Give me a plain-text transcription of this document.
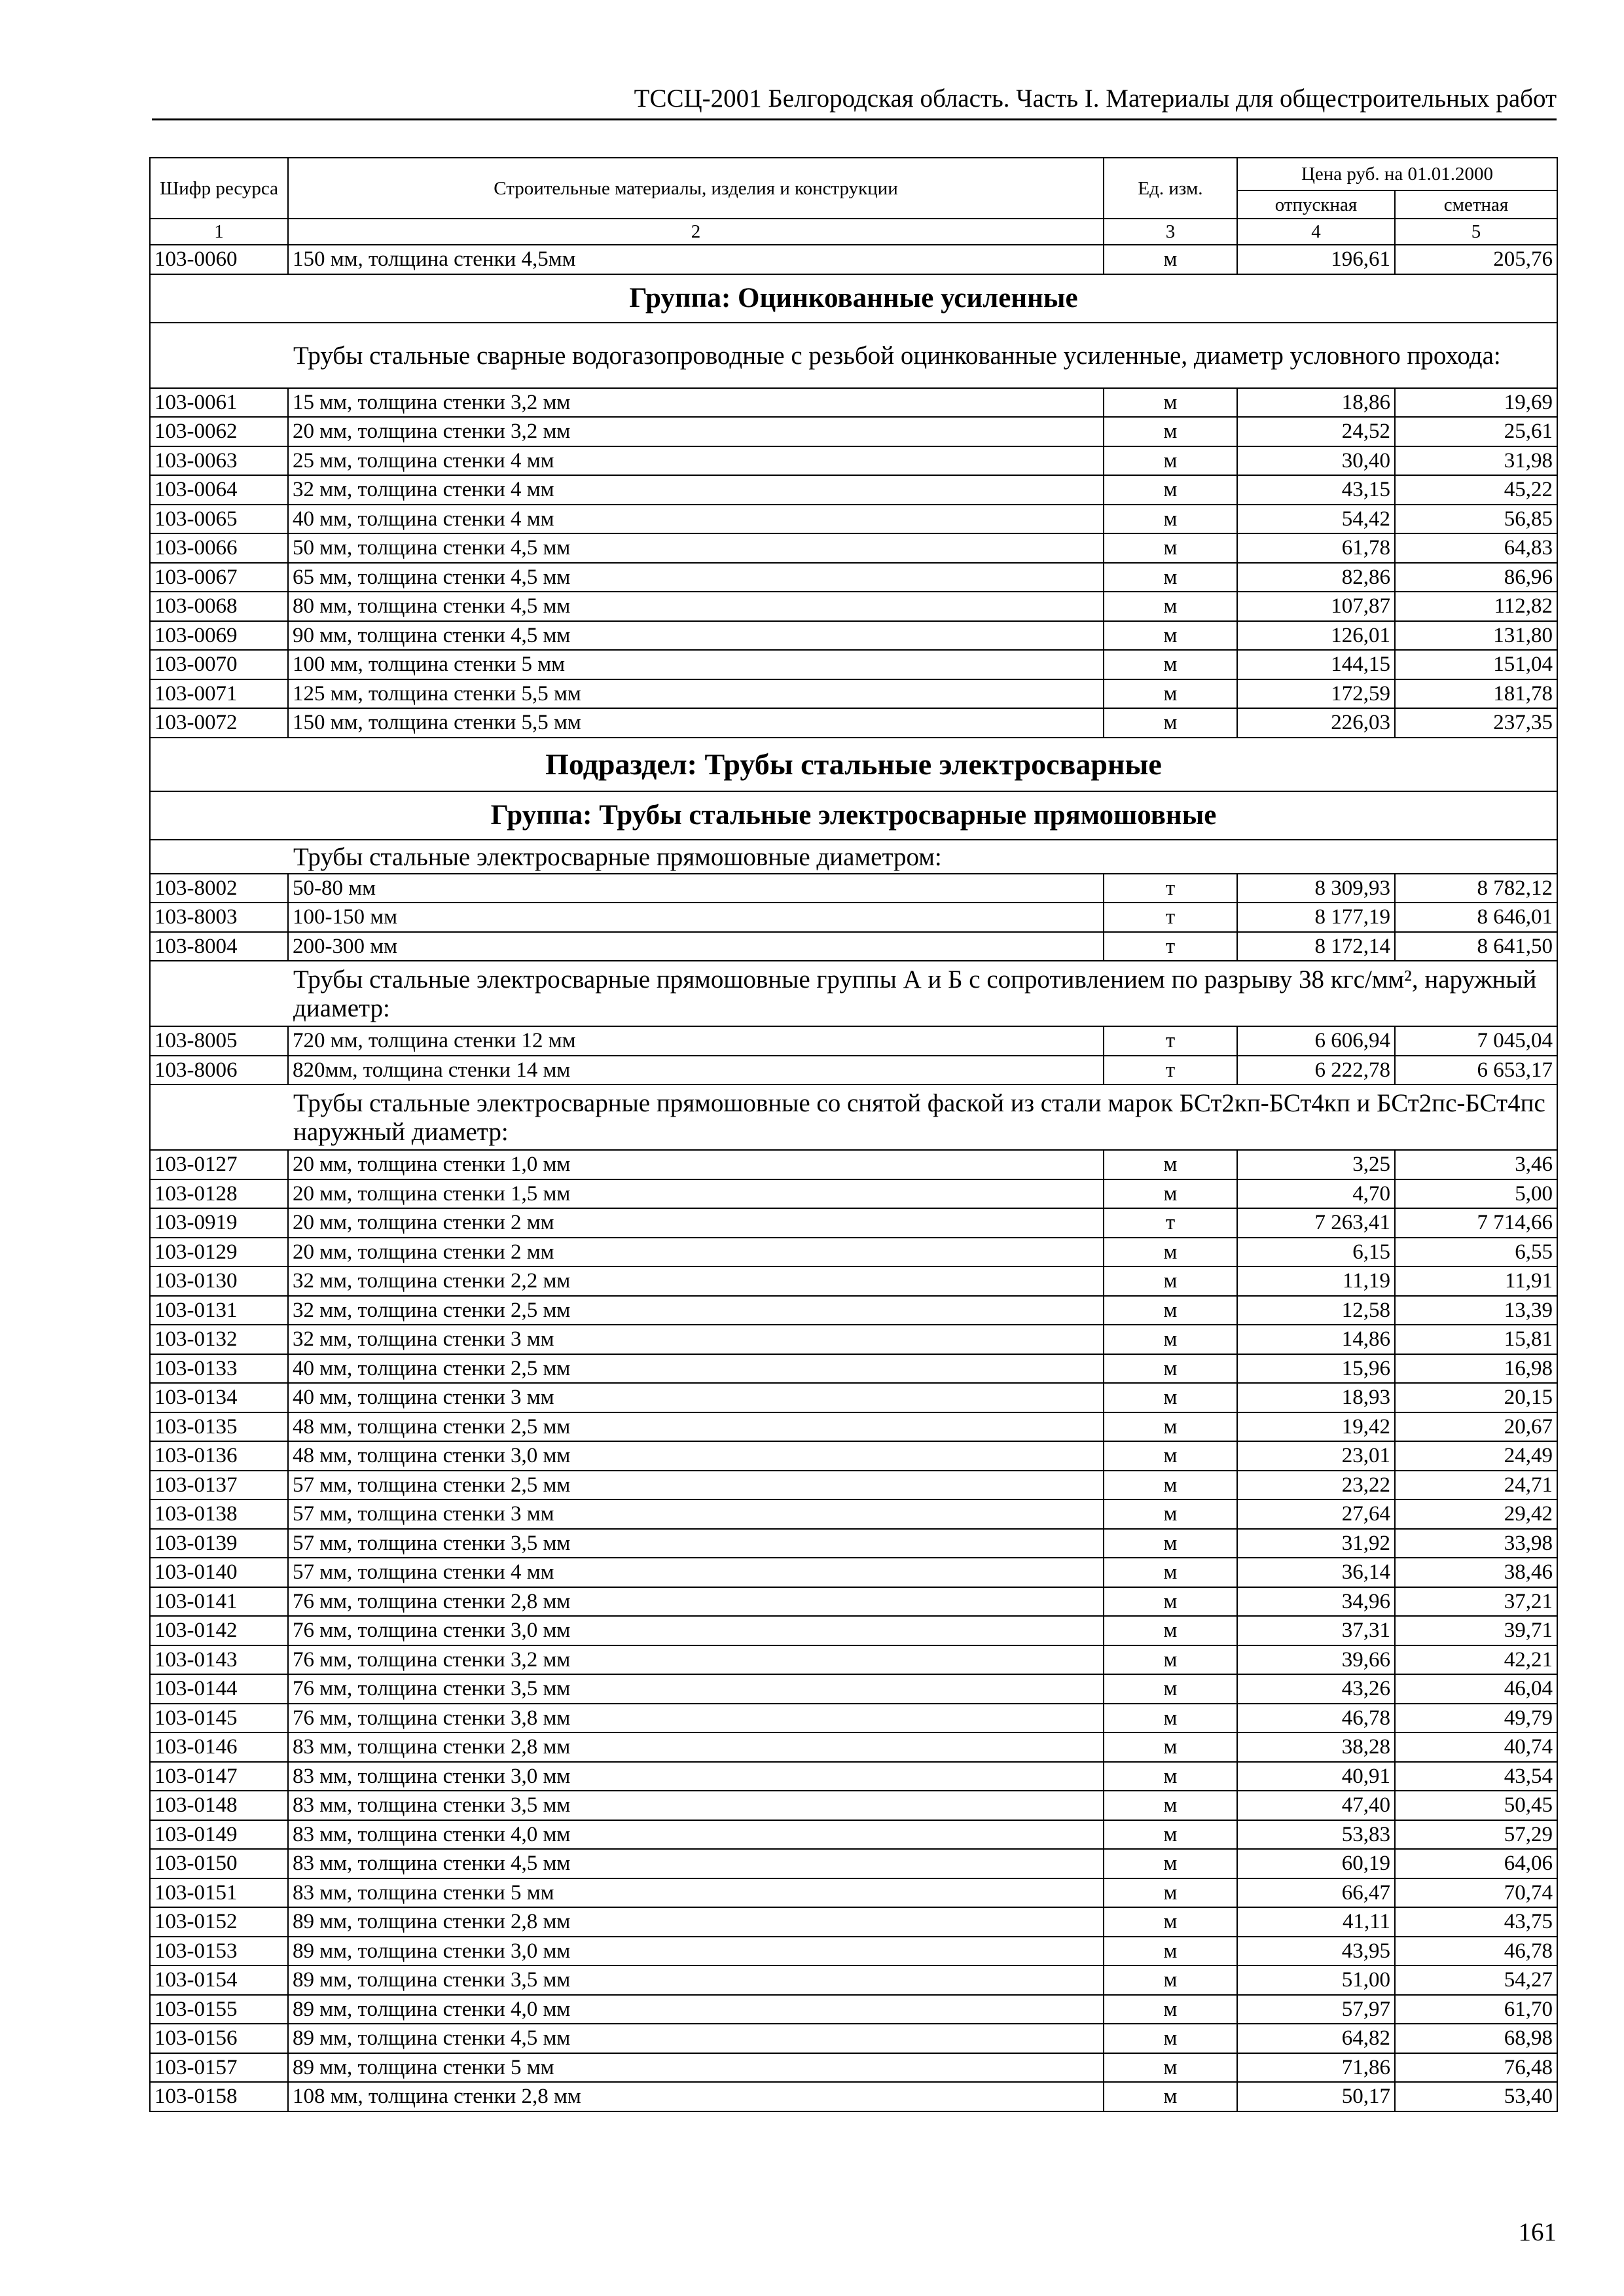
ТССЦ-2001 Белгородская область. Часть I. Материалы для общестроительных работ
Шифр ресурса	Строительные материалы, изделия и конструкции	Ед. изм.	Цена руб. на 01.01.2000	
			отпускная	сметная
1	2	3	4	5
103-0060	150 мм, толщина стенки 4,5мм	м	196,61	205,76
Группа: Оцинкованные усиленные				
	Трубы стальные сварные водогазопроводные с резьбой оцинкованные усиленные, диаметр условного прохода:			
103-0061	15 мм, толщина стенки 3,2 мм	м	18,86	19,69
103-0062	20 мм, толщина стенки 3,2 мм	м	24,52	25,61
103-0063	25 мм, толщина стенки 4 мм	м	30,40	31,98
103-0064	32 мм, толщина стенки 4 мм	м	43,15	45,22
103-0065	40 мм, толщина стенки 4 мм	м	54,42	56,85
103-0066	50 мм, толщина стенки 4,5 мм	м	61,78	64,83
103-0067	65 мм, толщина стенки 4,5 мм	м	82,86	86,96
103-0068	80 мм, толщина стенки 4,5 мм	м	107,87	112,82
103-0069	90 мм, толщина стенки 4,5 мм	м	126,01	131,80
103-0070	100 мм, толщина стенки 5 мм	м	144,15	151,04
103-0071	125 мм, толщина стенки 5,5 мм	м	172,59	181,78
103-0072	150 мм, толщина стенки 5,5 мм	м	226,03	237,35
Подраздел: Трубы стальные электросварные				
Группа: Трубы стальные электросварные прямошовные				
	Трубы стальные электросварные прямошовные диаметром:			
103-8002	50-80 мм	т	8 309,93	8 782,12
103-8003	100-150 мм	т	8 177,19	8 646,01
103-8004	200-300 мм	т	8 172,14	8 641,50
	Трубы стальные электросварные прямошовные группы А и Б с сопротивлением по разрыву 38 кгс/мм², наружный диаметр:			
103-8005	720 мм, толщина стенки 12 мм	т	6 606,94	7 045,04
103-8006	820мм, толщина стенки 14 мм	т	6 222,78	6 653,17
	Трубы стальные электросварные прямошовные со снятой фаской из стали марок БСт2кп-БСт4кп и БСт2пс-БСт4пс наружный диаметр:			
103-0127	20 мм, толщина стенки 1,0 мм	м	3,25	3,46
103-0128	20 мм, толщина стенки 1,5 мм	м	4,70	5,00
103-0919	20 мм, толщина стенки 2 мм	т	7 263,41	7 714,66
103-0129	20 мм, толщина стенки 2 мм	м	6,15	6,55
103-0130	32 мм, толщина стенки 2,2 мм	м	11,19	11,91
103-0131	32 мм, толщина стенки 2,5 мм	м	12,58	13,39
103-0132	32 мм, толщина стенки 3 мм	м	14,86	15,81
103-0133	40 мм, толщина стенки 2,5 мм	м	15,96	16,98
103-0134	40 мм, толщина стенки 3 мм	м	18,93	20,15
103-0135	48 мм, толщина стенки 2,5 мм	м	19,42	20,67
103-0136	48 мм, толщина стенки 3,0 мм	м	23,01	24,49
103-0137	57 мм, толщина стенки 2,5 мм	м	23,22	24,71
103-0138	57 мм, толщина стенки 3 мм	м	27,64	29,42
103-0139	57 мм, толщина стенки 3,5 мм	м	31,92	33,98
103-0140	57 мм, толщина стенки 4 мм	м	36,14	38,46
103-0141	76 мм, толщина стенки 2,8 мм	м	34,96	37,21
103-0142	76 мм, толщина стенки 3,0 мм	м	37,31	39,71
103-0143	76 мм, толщина стенки 3,2 мм	м	39,66	42,21
103-0144	76 мм, толщина стенки 3,5 мм	м	43,26	46,04
103-0145	76 мм, толщина стенки 3,8 мм	м	46,78	49,79
103-0146	83 мм, толщина стенки 2,8 мм	м	38,28	40,74
103-0147	83 мм, толщина стенки 3,0 мм	м	40,91	43,54
103-0148	83 мм, толщина стенки 3,5 мм	м	47,40	50,45
103-0149	83 мм, толщина стенки 4,0 мм	м	53,83	57,29
103-0150	83 мм, толщина стенки 4,5 мм	м	60,19	64,06
103-0151	83 мм, толщина стенки 5 мм	м	66,47	70,74
103-0152	89 мм, толщина стенки 2,8 мм	м	41,11	43,75
103-0153	89 мм, толщина стенки 3,0 мм	м	43,95	46,78
103-0154	89 мм, толщина стенки 3,5 мм	м	51,00	54,27
103-0155	89 мм, толщина стенки 4,0 мм	м	57,97	61,70
103-0156	89 мм, толщина стенки 4,5 мм	м	64,82	68,98
103-0157	89 мм, толщина стенки 5 мм	м	71,86	76,48
103-0158	108 мм, толщина стенки 2,8 мм	м	50,17	53,40
161
